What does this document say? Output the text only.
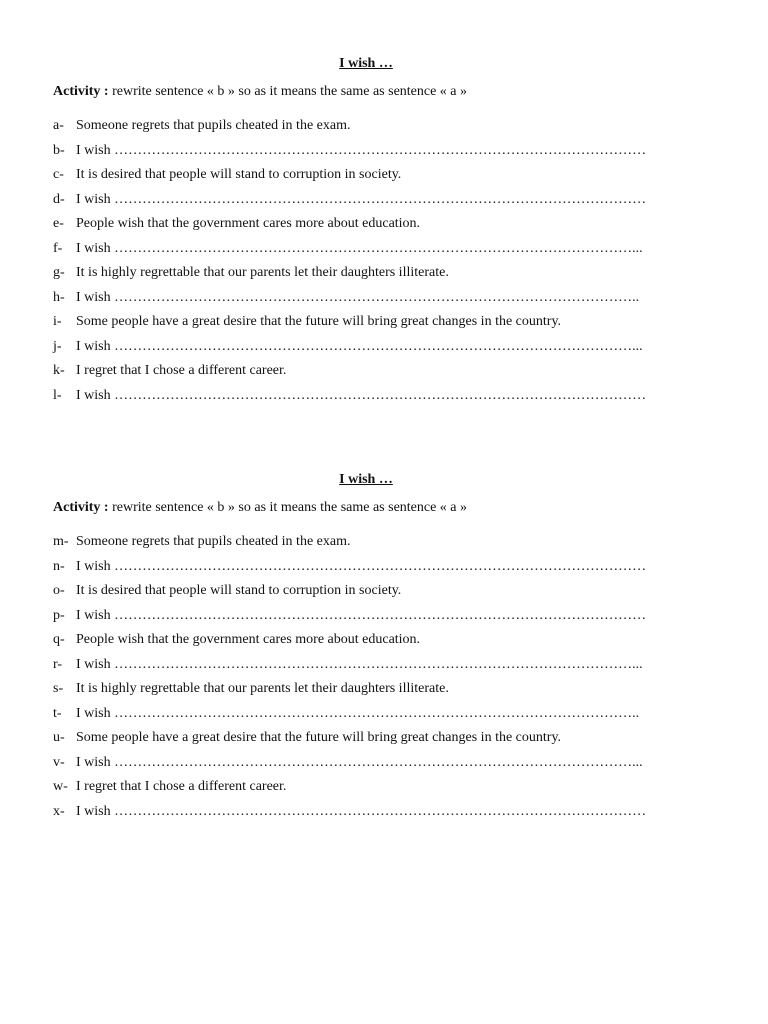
I wish …
Activity : rewrite sentence « b » so as it means the same as sentence « a »
a- Someone regrets that pupils cheated in the exam.
b- I wish ……………………………………………………………………………………………………
c- It is desired that people will stand to corruption in society.
d- I wish ……………………………………………………………………………………………………
e- People wish that the government cares more about education.
f- I wish …………………………………………………………………………………………………...
g- It is highly regrettable that our parents let their daughters illiterate.
h- I wish …………………………………………………………………………………………………..
i-	Some people have a great desire that the future will bring great changes in the country.
j-	I wish …………………………………………………………………………………………………...
k- I regret that I chose a different career.
l-	I wish ……………………………………………………………………………………………………
I wish …
Activity : rewrite sentence « b » so as it means the same as sentence « a »
m- Someone regrets that pupils cheated in the exam.
n- I wish ……………………………………………………………………………………………………
o- It is desired that people will stand to corruption in society.
p- I wish ……………………………………………………………………………………………………
q- People wish that the government cares more about education.
r- I wish …………………………………………………………………………………………………...
s- It is highly regrettable that our parents let their daughters illiterate.
t-	I wish …………………………………………………………………………………………………..
u- Some people have a great desire that the future will bring great changes in the country.
v- I wish …………………………………………………………………………………………………...
w- I regret that I chose a different career.
x- I wish ……………………………………………………………………………………………………
